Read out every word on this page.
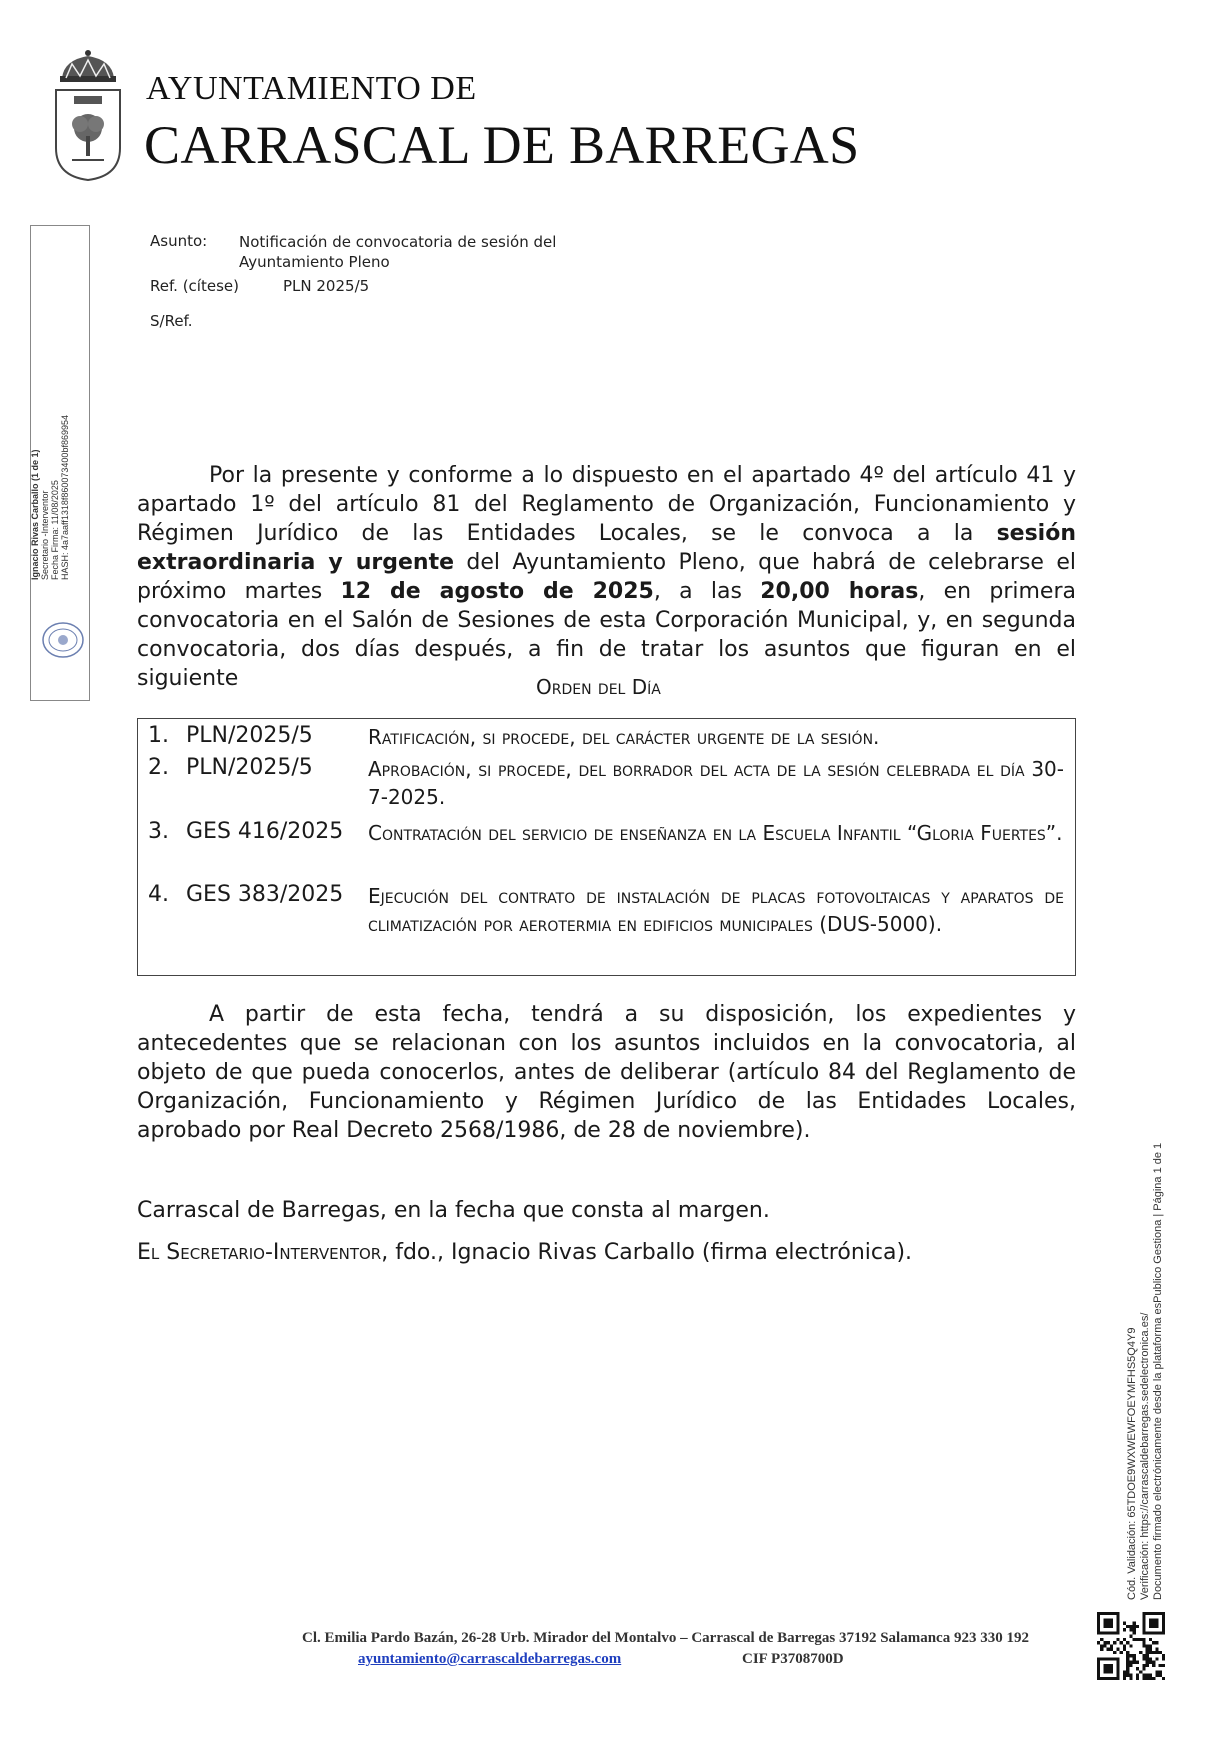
AYUNTAMIENTO DE
CARRASCAL DE BARREGAS
Ignacio Rivas Carballo (1 de 1) Secretario -Interventor Fecha Firma: 11/08/2025 HASH: 4a7aaff1318f860073400bf869954
Asunto: Notificación de convocatoria de sesión del Ayuntamiento Pleno
Ref. (cítese)	PLN 2025/5
S/Ref.
Por la presente y conforme a lo dispuesto en el apartado 4º del artículo 41 y apartado 1º del artículo 81 del Reglamento de Organización, Funcionamiento y Régimen Jurídico de las Entidades Locales, se le convoca a la sesión extraordinaria y urgente del Ayuntamiento Pleno, que habrá de celebrarse el próximo martes 12 de agosto de 2025, a las 20,00 horas, en primera convocatoria en el Salón de Sesiones de esta Corporación Municipal, y, en segunda convocatoria, dos días después, a fin de tratar los asuntos que figuran en el siguiente	Orden del Día
1. PLN/2025/5	Ratificación, si procede, del carácter urgente de la sesión.
2. PLN/2025/5	Aprobación, si procede, del borrador del acta de la sesión celebrada el día 30-7-2025.
3. GES 416/2025 Contratación del servicio de enseñanza en la Escuela Infantil “Gloria Fuertes”.
4. GES 383/2025 Ejecución del contrato de instalación de placas fotovoltaicas y aparatos de climatización por aerotermia en edificios municipales (DUS-5000).
A partir de esta fecha, tendrá a su disposición, los expedientes y antecedentes que se relacionan con los asuntos incluidos en la convocatoria, al objeto de que pueda conocerlos, antes de deliberar (artículo 84 del Reglamento de Organización, Funcionamiento y Régimen Jurídico de las Entidades Locales, aprobado por Real Decreto 2568/1986, de 28 de noviembre).
Carrascal de Barregas, en la fecha que consta al margen.
El Secretario-Interventor, fdo., Ignacio Rivas Carballo (firma electrónica).
Cód. Validación: 65TDOE9WXWEWFOEYMFHS5Q4Y9 Verificación: https://carrascaldebarregas.sedelectronica.es/ Documento firmado electrónicamente desde la plataforma esPublico Gestiona | Página 1 de 1
Cl. Emilia Pardo Bazán, 26-28 Urb. Mirador del Montalvo – Carrascal de Barregas 37192 Salamanca 923 330 192
ayuntamiento@carrascaldebarregas.com	CIF P3708700D
